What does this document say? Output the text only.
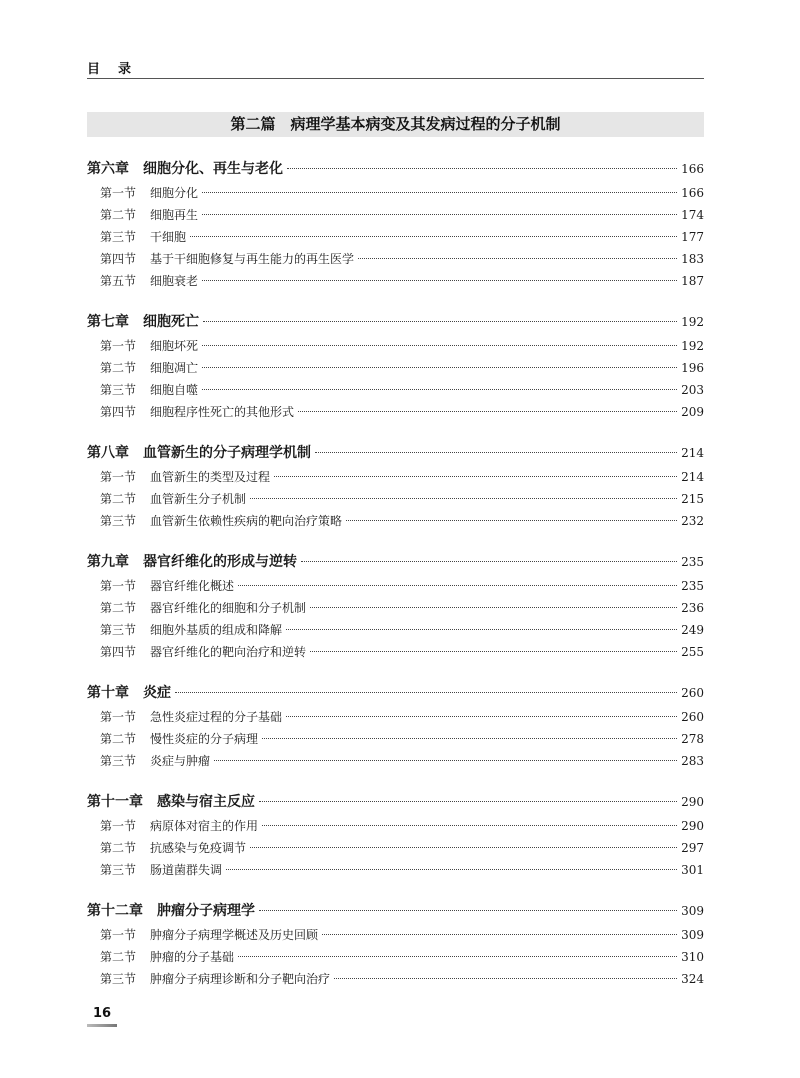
目录
第二篇　病理学基本病变及其发病过程的分子机制
第六章 细胞分化、再生与老化	166
第一节 细胞分化	166
第二节 细胞再生	174
第三节 干细胞	177
第四节 基于干细胞修复与再生能力的再生医学	183
第五节 细胞衰老	187
第七章 细胞死亡	192
第一节 细胞坏死	192
第二节 细胞凋亡	196
第三节 细胞自噬	203
第四节 细胞程序性死亡的其他形式	209
第八章 血管新生的分子病理学机制	214
第一节 血管新生的类型及过程	214
第二节 血管新生分子机制	215
第三节 血管新生依赖性疾病的靶向治疗策略	232
第九章 器官纤维化的形成与逆转	235
第一节 器官纤维化概述	235
第二节 器官纤维化的细胞和分子机制	236
第三节 细胞外基质的组成和降解	249
第四节 器官纤维化的靶向治疗和逆转	255
第十章 炎症	260
第一节 急性炎症过程的分子基础	260
第二节 慢性炎症的分子病理	278
第三节 炎症与肿瘤	283
第十一章 感染与宿主反应	290
第一节 病原体对宿主的作用	290
第二节 抗感染与免疫调节	297
第三节 肠道菌群失调	301
第十二章 肿瘤分子病理学	309
第一节 肿瘤分子病理学概述及历史回顾	309
第二节 肿瘤的分子基础	310
第三节 肿瘤分子病理诊断和分子靶向治疗	324
16
